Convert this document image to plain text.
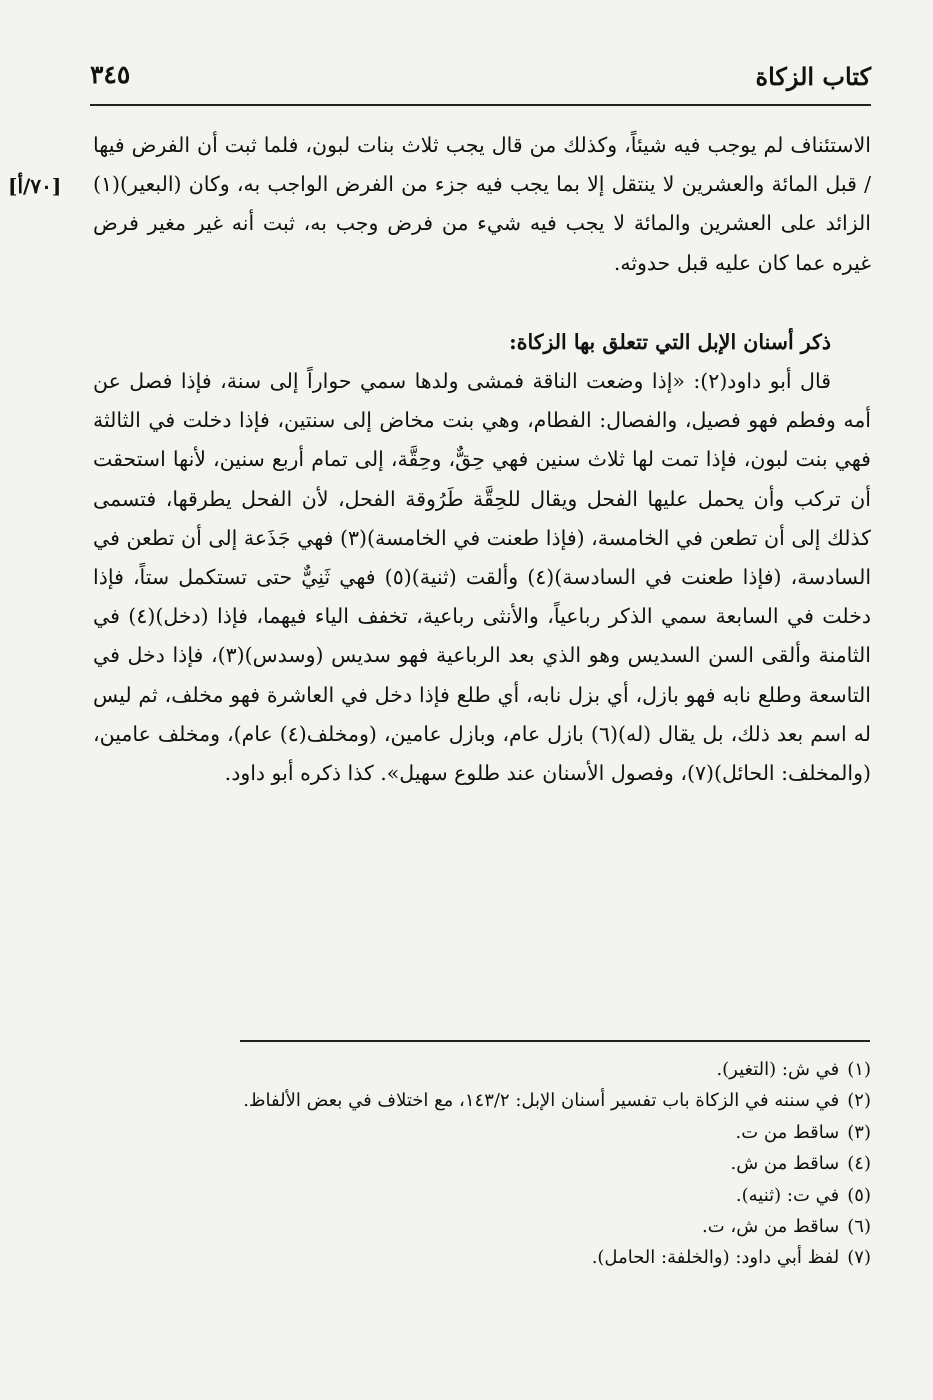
كتاب الزكاة
٣٤٥
[٧٠/أ]

الاستئناف لم يوجب فيه شيئاً، وكذلك من قال يجب ثلاث بنات لبون، فلما ثبت أن الفرض فيها / قبل المائة والعشرين لا ينتقل إلا بما يجب فيه جزء من الفرض الواجب به، وكان (البعير)(١) الزائد على العشرين والمائة لا يجب فيه شيء من فرض وجب به، ثبت أنه غير مغير فرض غيره عما كان عليه قبل حدوثه.

ذكر أسنان الإبل التي تتعلق بها الزكاة:

قال أبو داود(٢): «إذا وضعت الناقة فمشى ولدها سمي حواراً إلى سنة، فإذا فصل عن أمه وفطم فهو فصيل، والفصال: الفطام، وهي بنت مخاض إلى سنتين، فإذا دخلت في الثالثة فهي بنت لبون، فإذا تمت لها ثلاث سنين فهي حِقٌّ، وحِقَّة، إلى تمام أربع سنين، لأنها استحقت أن تركب وأن يحمل عليها الفحل ويقال للحِقَّة طَرُوقة الفحل، لأن الفحل يطرقها، فتسمى كذلك إلى أن تطعن في الخامسة، (فإذا طعنت في الخامسة)(٣) فهي جَذَعة إلى أن تطعن في السادسة، (فإذا طعنت في السادسة)(٤) وألقت (ثنية)(٥) فهي ثَنِيٌّ حتى تستكمل ستاً، فإذا دخلت في السابعة سمي الذكر رباعياً، والأنثى رباعية، تخفف الياء فيهما، فإذا (دخل)(٤) في الثامنة وألقى السن السديس وهو الذي بعد الرباعية فهو سديس (وسدس)(٣)، فإذا دخل في التاسعة وطلع نابه فهو بازل، أي بزل نابه، أي طلع فإذا دخل في العاشرة فهو مخلف، ثم ليس له اسم بعد ذلك، بل يقال (له)(٦) بازل عام، وبازل عامين، (ومخلف(٤) عام)، ومخلف عامين، (والمخلف: الحائل)(٧)، وفصول الأسنان عند طلوع سهيل». كذا ذكره أبو داود.

(١)في ش: (التغير).
(٢)في سننه في الزكاة باب تفسير أسنان الإبل: ١٤٣/٢، مع اختلاف في بعض الألفاظ.
(٣)ساقط من ت.
(٤)ساقط من ش.
(٥)في ت: (ثنيه).
(٦)ساقط من ش، ت.
(٧)لفظ أبي داود: (والخلفة: الحامل).
